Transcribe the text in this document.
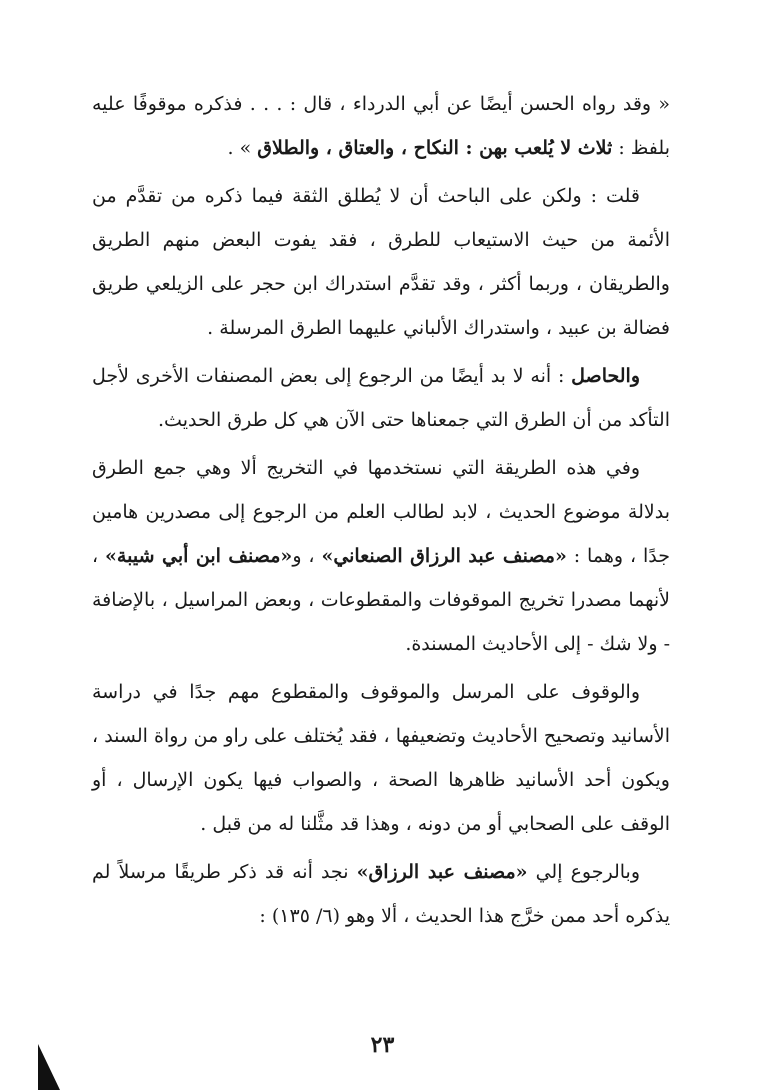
« وقد رواه الحسن أيضًا عن أبي الدرداء ، قال : . . . فذكره موقوفًا عليه بلفظ : ثلاث لا يُلعب بهن : النكاح ، والعتاق ، والطلاق » .

قلت : ولكن على الباحث أن لا يُطلق الثقة فيما ذكره من تقدَّم من الأئمة من حيث الاستيعاب للطرق ، فقد يفوت البعض منهم الطريق والطريقان ، وربما أكثر ، وقد تقدَّم استدراك ابن حجر على الزيلعي طريق فضالة بن عبيد ، واستدراك الألباني عليهما الطرق المرسلة .

والحاصل : أنه لا بد أيضًا من الرجوع إلى بعض المصنفات الأخرى لأجل التأكد من أن الطرق التي جمعناها حتى الآن هي كل طرق الحديث.

وفي هذه الطريقة التي نستخدمها في التخريج ألا وهي جمع الطرق بدلالة موضوع الحديث ، لابد لطالب العلم من الرجوع إلى مصدرين هامين جدًا ، وهما : «مصنف عبد الرزاق الصنعاني» ، و«مصنف ابن أبي شيبة» ، لأنهما مصدرا تخريج الموقوفات والمقطوعات ، وبعض المراسيل ، بالإضافة - ولا شك - إلى الأحاديث المسندة.

والوقوف على المرسل والموقوف والمقطوع مهم جدًا في دراسة الأسانيد وتصحيح الأحاديث وتضعيفها ، فقد يُختلف على راو من رواة السند ، ويكون أحد الأسانيد ظاهرها الصحة ، والصواب فيها يكون الإرسال ، أو الوقف على الصحابي أو من دونه ، وهذا قد مثَّلنا له من قبل .

وبالرجوع إلي «مصنف عبد الرزاق» نجد أنه قد ذكر طريقًا مرسلاً لم يذكره أحد ممن خرَّج هذا الحديث ، ألا وهو (٦/ ١٣٥) :

٢٣
